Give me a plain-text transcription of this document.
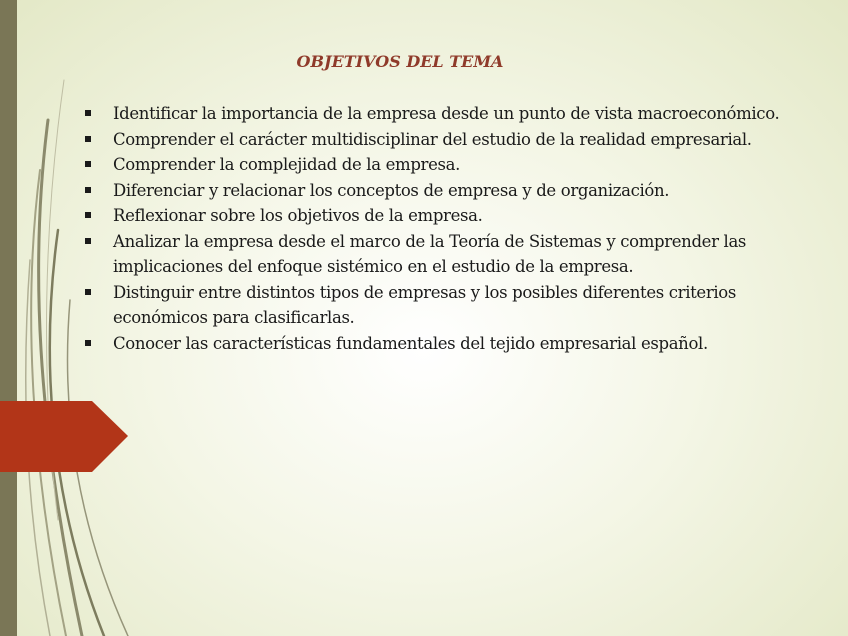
OBJETIVOS DEL TEMA
Identificar la importancia de la empresa desde un punto de vista macroeconómico.
Comprender el carácter multidisciplinar del estudio de la realidad empresarial.
Comprender la complejidad de la empresa.
Diferenciar y relacionar los conceptos de empresa y de organización.
Reflexionar sobre los objetivos de la empresa.
Analizar la empresa desde el marco de la Teoría de Sistemas y comprender las implicaciones del enfoque sistémico en el estudio de la empresa.
Distinguir entre distintos tipos de empresas y los posibles diferentes criterios económicos para clasificarlas.
Conocer las características fundamentales del tejido empresarial español.
